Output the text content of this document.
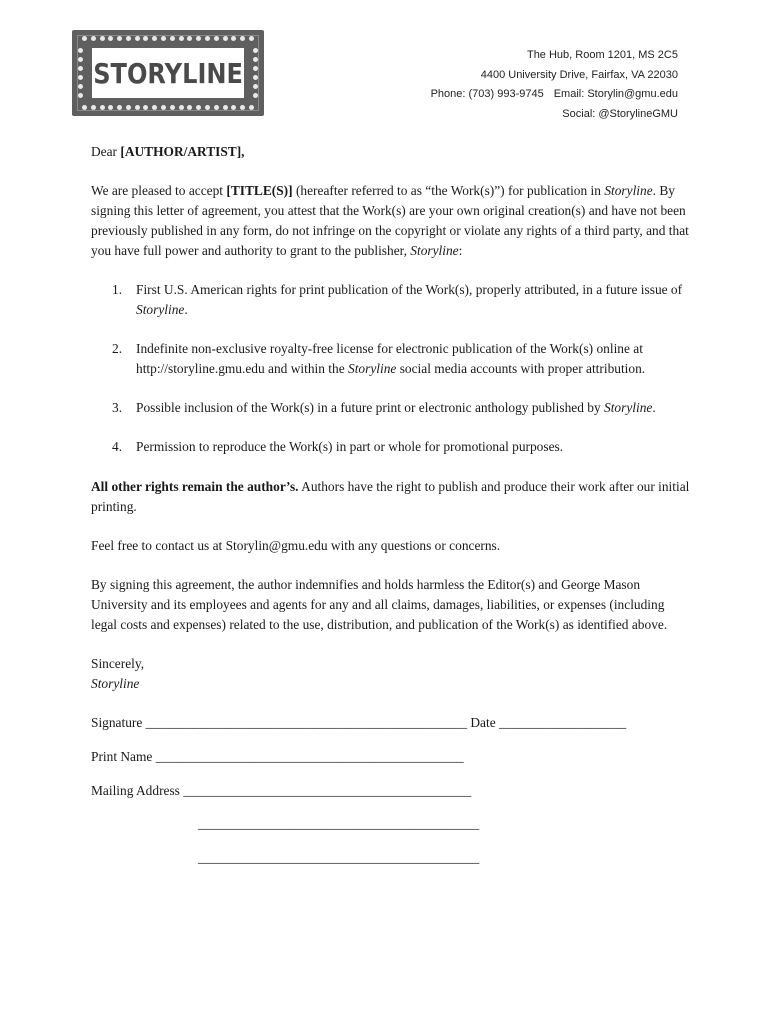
STORYLINE
The Hub, Room 1201, MS 2C5
4400 University Drive, Fairfax, VA 22030
Phone: (703) 993-9745 Email: Storylin@gmu.edu
Social: @StorylineGMU

Dear [AUTHOR/ARTIST],

We are pleased to accept [TITLE(S)] (hereafter referred to as “the Work(s)”) for publication in Storyline. By signing this letter of agreement, you attest that the Work(s) are your own original creation(s) and have not been previously published in any form, do not infringe on the copyright or violate any rights of a third party, and that you have full power and authority to grant to the publisher, Storyline:

1. First U.S. American rights for print publication of the Work(s), properly attributed, in a future issue of Storyline.
2. Indefinite non-exclusive royalty-free license for electronic publication of the Work(s) online at http://storyline.gmu.edu and within the Storyline social media accounts with proper attribution.
3. Possible inclusion of the Work(s) in a future print or electronic anthology published by Storyline.
4. Permission to reproduce the Work(s) in part or whole for promotional purposes.

All other rights remain the author’s. Authors have the right to publish and produce their work after our initial printing.

Feel free to contact us at Storylin@gmu.edu with any questions or concerns.

By signing this agreement, the author indemnifies and holds harmless the Editor(s) and George Mason University and its employees and agents for any and all claims, damages, liabilities, or expenses (including legal costs and expenses) related to the use, distribution, and publication of the Work(s) as identified above.

Sincerely,
Storyline

Signature ________________________________________________ Date ___________________
Print Name ______________________________________________
Mailing Address ___________________________________________
__________________________________________
__________________________________________
